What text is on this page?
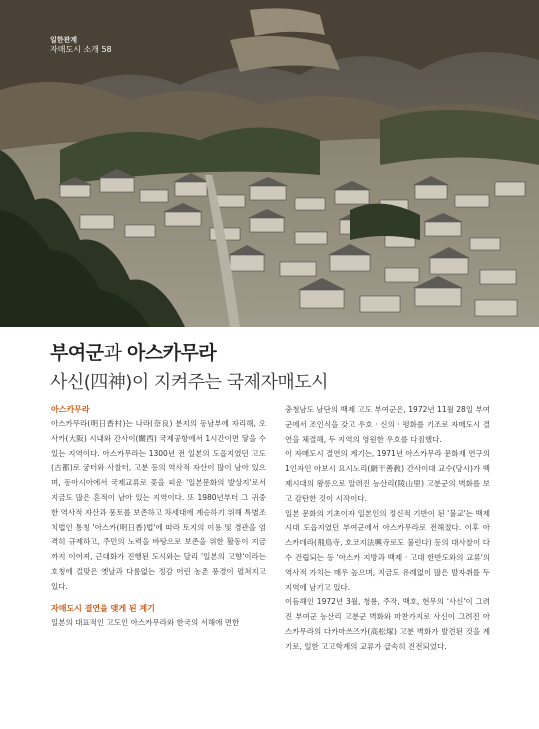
일한관계
자매도시 소개 58
부여군과 아스카무라
사신(四神)이 지켜주는 국제자매도시
아스카무라

아스카무라(明日香村)는 나라(奈良) 분지의 동남부에 자리해, 오사카(大阪) 시내와 간사이(關西) 국제공항에서 1시간이면 닿을 수 있는 지역이다. 아스카무라는 1300년 전 일본의 도읍지였던 고도(古都)로 궁터와 사찰터, 고분 등의 역사적 자산이 많이 남아 있으며, 동아시아에서 국제교류로 꽃을 피운 '일본문화의 발상지'로서 지금도 많은 흔적이 남아 있는 지역이다. 또 1980년부터 그 귀중한 역사적 자산과 풍토를 보존하고 차세대에 계승하기 위해 특별조치법인 통칭 '아스카(明日香)법'에 따라 토지의 이용 및 경관을 엄격히 규제하고, 주민의 노력을 바탕으로 보존을 위한 활동이 지금까지 이어져, 근대화가 진행된 도시와는 달리 '일본의 고향'이라는 호칭에 걸맞은 옛날과 다름없는 정감 어린 농촌 풍경이 펼쳐지고 있다.

자매도시 결연을 맺게 된 계기

일본의 대표적인 고도인 아스카무라와 한국의 서해에 면한

충청남도 남단의 백제 고도 부여군은, 1972년 11월 28일 부여군에서 조인식을 갖고 우호 · 신의 · 평화를 기조로 자매도시 결연을 체결해, 두 지역의 영원한 우호를 다짐했다.

이 자매도시 결연의 계기는, 1971년 아스카무라 문화재 연구의 1인자인 아보시 요시노리(網干善敎) 간사이대 교수(당시)가 백제시대의 왕릉으로 알려진 능산리(陵山里) 고분군의 벽화를 보고 감탄한 것이 시작이다.

일본 문화의 기초이자 일본인의 정신적 기반이 된 '불교'는 백제시대 도읍지였던 부여군에서 아스카무라로 전해졌다. 이후 아스카데라(飛鳥寺, 호코지法興寺로도 불린다) 등의 대사찰이 다수 건립되는 등 '아스카 지방과 백제 · 고대 한반도와의 교류'의 역사적 가치는 매우 높으며, 지금도 유례없이 많은 발자취를 두 지역에 남기고 있다.

이듬해인 1972년 3월, 청룡, 주작, 백호, 현무의 '사신'이 그려진 부여군 능산리 고분군 벽화와 마찬가지로 사신이 그려진 아스카무라의 다카마쓰즈카(高松塚) 고분 벽화가 발견된 것을 계기로, 일한 고고학계의 교류가 급속히 진전되었다.
